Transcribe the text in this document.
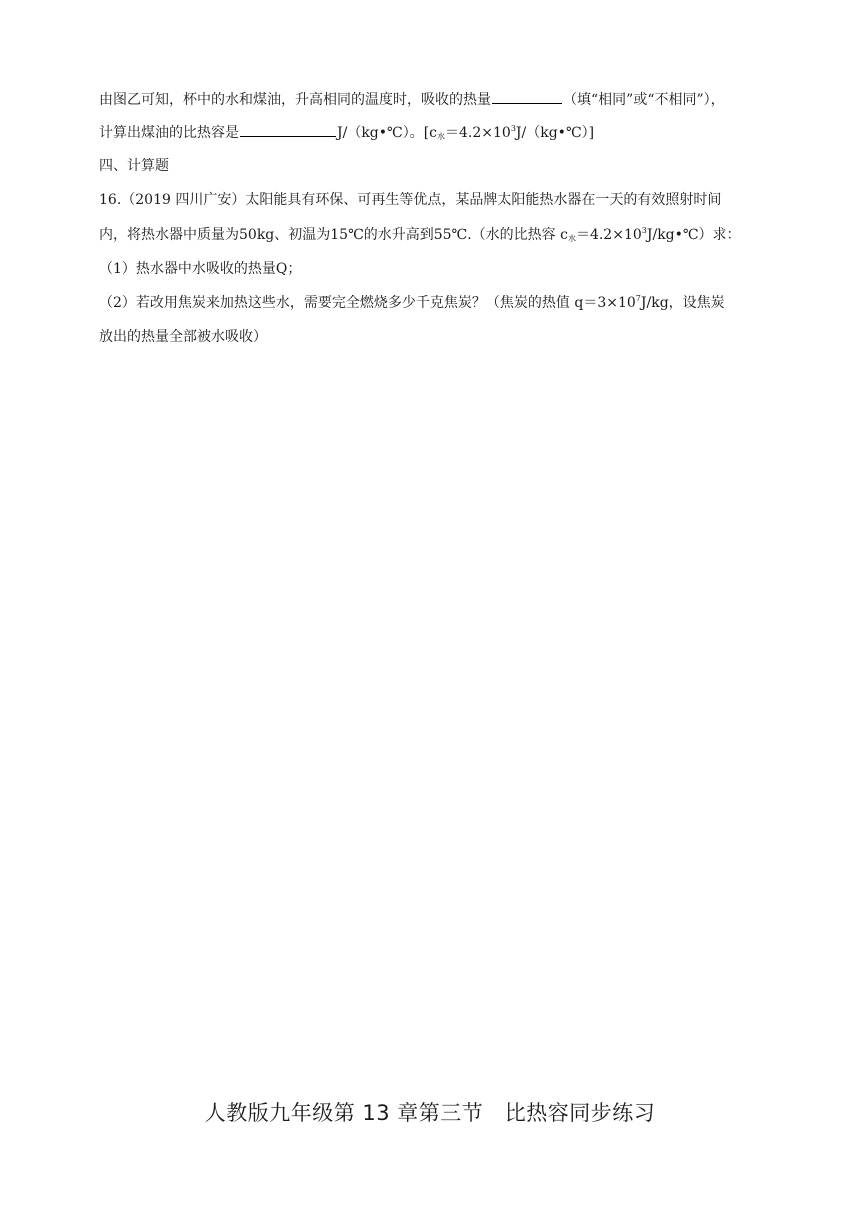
由图乙可知，杯中的水和煤油，升高相同的温度时，吸收的热量	（填“相同”或“不相同”），
计算出煤油的比热容是	J/（kg•℃）。$[c_水=4.2\times 10^3J/(kg•℃)]$
四、计算题
16.（2019 四川广安）太阳能具有环保、可再生等优点，某品牌太阳能热水器在一天的有效照射时间
内，将热水器中质量为50kg、初温为15℃的水升高到55℃.（水的比热容 $c_水=4.2\times 10^3J/kg•℃$）求：
（1）热水器中水吸收的热量Q；
（2）若改用焦炭来加热这些水，需要完全燃烧多少千克焦炭？（焦炭的热值 $q=3\times 10^7J/kg$，设焦炭
放出的热量全部被水吸收）
人教版九年级第 13 章第三节　比热容同步练习
